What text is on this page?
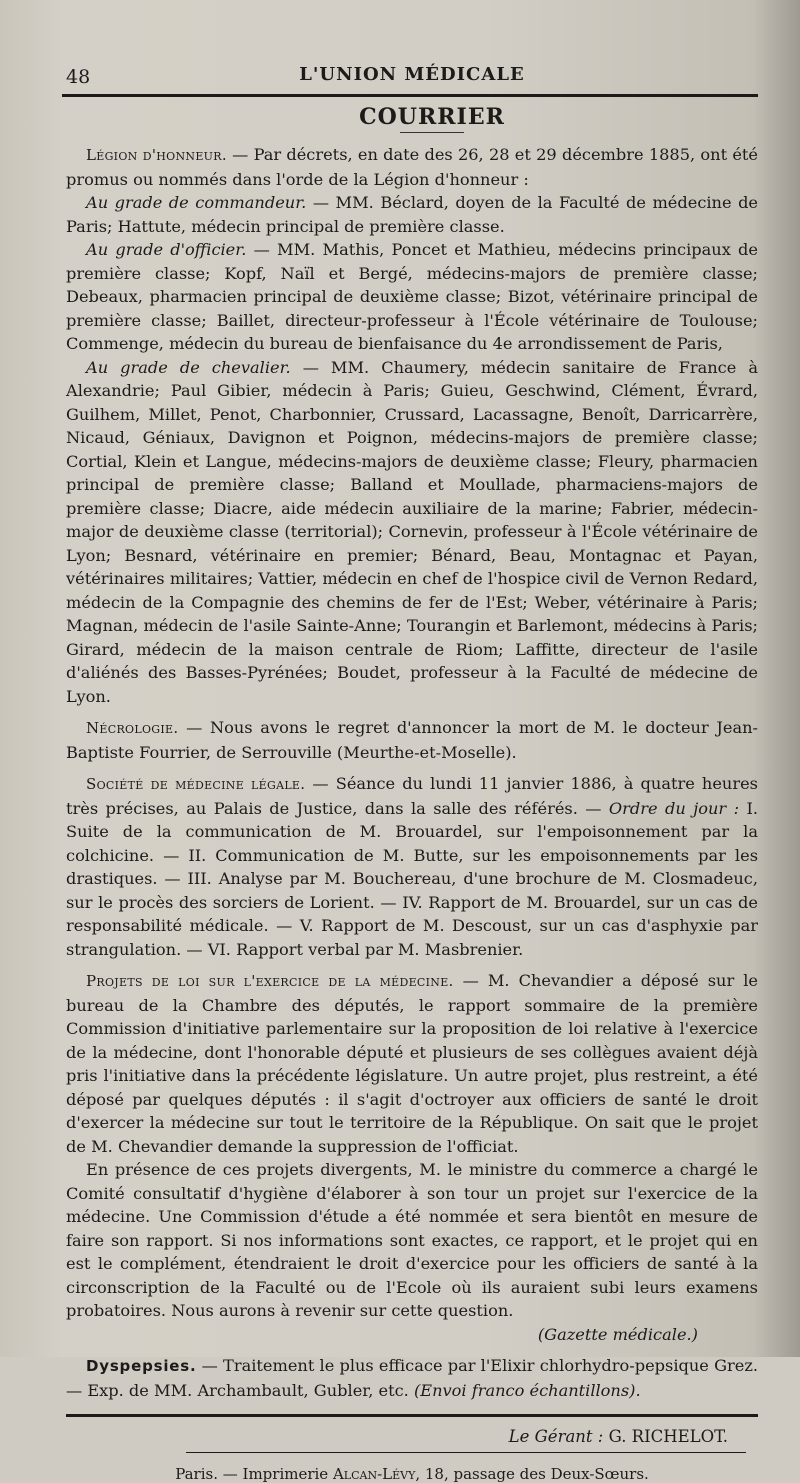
48	L'UNION MÉDICALE
COURRIER

Légion d'honneur. — Par décrets, en date des 26, 28 et 29 décembre 1885, ont été promus ou nommés dans l'orde de la Légion d'honneur :

Au grade de commandeur. — MM. Béclard, doyen de la Faculté de médecine de Paris; Hattute, médecin principal de première classe.

Au grade d'officier. — MM. Mathis, Poncet et Mathieu, médecins principaux de première classe; Kopf, Naïl et Bergé, médecins-majors de première classe; Debeaux, pharmacien principal de deuxième classe; Bizot, vétérinaire principal de première classe; Baillet, directeur-professeur à l'École vétérinaire de Toulouse; Commenge, médecin du bureau de bienfaisance du 4e arrondissement de Paris,

Au grade de chevalier. — MM. Chaumery, médecin sanitaire de France à Alexandrie; Paul Gibier, médecin à Paris; Guieu, Geschwind, Clément, Évrard, Guilhem, Millet, Penot, Charbonnier, Crussard, Lacassagne, Benoît, Darricarrère, Nicaud, Géniaux, Davignon et Poignon, médecins-majors de première classe; Cortial, Klein et Langue, médecins-majors de deuxième classe; Fleury, pharmacien principal de première classe; Balland et Moullade, pharmaciens-majors de première classe; Diacre, aide médecin auxiliaire de la marine; Fabrier, médecin-major de deuxième classe (territorial); Cornevin, professeur à l'École vétérinaire de Lyon; Besnard, vétérinaire en premier; Bénard, Beau, Montagnac et Payan, vétérinaires militaires; Vattier, médecin en chef de l'hospice civil de Vernon Redard, médecin de la Compagnie des chemins de fer de l'Est; Weber, vétérinaire à Paris; Magnan, médecin de l'asile Sainte-Anne; Tourangin et Barlemont, médecins à Paris; Girard, médecin de la maison centrale de Riom; Laffitte, directeur de l'asile d'aliénés des Basses-Pyrénées; Boudet, professeur à la Faculté de médecine de Lyon.

Nécrologie. — Nous avons le regret d'annoncer la mort de M. le docteur Jean-Baptiste Fourrier, de Serrouville (Meurthe-et-Moselle).

Société de médecine légale. — Séance du lundi 11 janvier 1886, à quatre heures très précises, au Palais de Justice, dans la salle des référés. — Ordre du jour : I. Suite de la communication de M. Brouardel, sur l'empoisonnement par la colchicine. — II. Communication de M. Butte, sur les empoisonnements par les drastiques. — III. Analyse par M. Bouchereau, d'une brochure de M. Closmadeuc, sur le procès des sorciers de Lorient. — IV. Rapport de M. Brouardel, sur un cas de responsabilité médicale. — V. Rapport de M. Descoust, sur un cas d'asphyxie par strangulation. — VI. Rapport verbal par M. Masbrenier.

Projets de loi sur l'exercice de la médecine. — M. Chevandier a déposé sur le bureau de la Chambre des députés, le rapport sommaire de la première Commission d'initiative parlementaire sur la proposition de loi relative à l'exercice de la médecine, dont l'honorable député et plusieurs de ses collègues avaient déjà pris l'initiative dans la précédente législature. Un autre projet, plus restreint, a été déposé par quelques députés : il s'agit d'octroyer aux officiers de santé le droit d'exercer la médecine sur tout le territoire de la République. On sait que le projet de M. Chevandier demande la suppression de l'officiat.

En présence de ces projets divergents, M. le ministre du commerce a chargé le Comité consultatif d'hygiène d'élaborer à son tour un projet sur l'exercice de la médecine. Une Commission d'étude a été nommée et sera bientôt en mesure de faire son rapport. Si nos informations sont exactes, ce rapport, et le projet qui en est le complément, étendraient le droit d'exercice pour les officiers de santé à la circonscription de la Faculté ou de l'Ecole où ils auraient subi leurs examens probatoires. Nous aurons à revenir sur cette question.
(Gazette médicale.)

Dyspepsies. — Traitement le plus efficace par l'Elixir chlorhydro-pepsique Grez. — Exp. de MM. Archambault, Gubler, etc. (Envoi franco échantillons).

Le Gérant : G. RICHELOT.
Paris. — Imprimerie Alcan-Lévy, 18, passage des Deux-Sœurs.
